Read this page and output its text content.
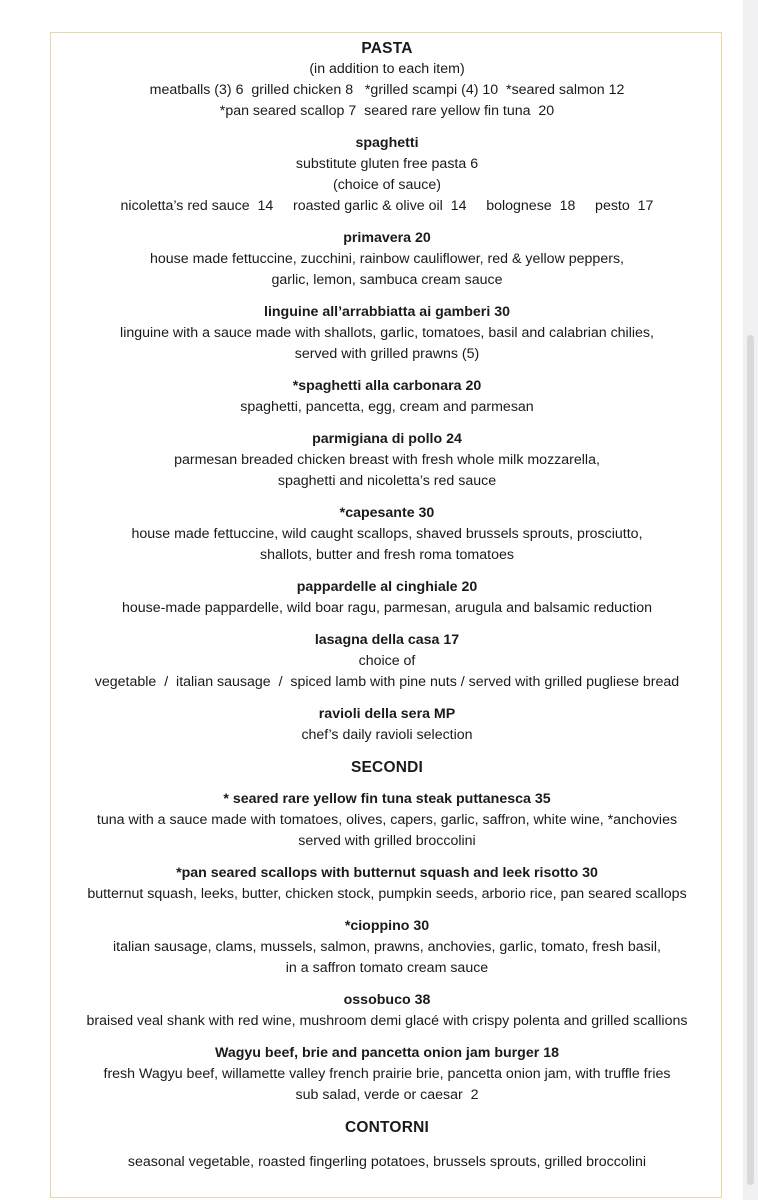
PASTA
(in addition to each item)
meatballs (3) 6  grilled chicken 8   *grilled scampi (4) 10  *seared salmon 12
*pan seared scallop 7  seared rare yellow fin tuna  20
spaghetti
substitute gluten free pasta 6
(choice of sauce)
nicoletta’s red sauce  14     roasted garlic & olive oil  14     bolognese  18     pesto  17
primavera 20
house made fettuccine, zucchini, rainbow cauliflower, red & yellow peppers,
garlic, lemon, sambuca cream sauce
linguine all’arrabbiatta ai gamberi 30
linguine with a sauce made with shallots, garlic, tomatoes, basil and calabrian chilies,
served with grilled prawns (5)
*spaghetti alla carbonara 20
spaghetti, pancetta, egg, cream and parmesan
parmigiana di pollo 24
parmesan breaded chicken breast with fresh whole milk mozzarella,
spaghetti and nicoletta’s red sauce
*capesante 30
house made fettuccine, wild caught scallops, shaved brussels sprouts, prosciutto,
shallots, butter and fresh roma tomatoes
pappardelle al cinghiale 20
house-made pappardelle, wild boar ragu, parmesan, arugula and balsamic reduction
lasagna della casa 17
choice of
vegetable  /  italian sausage  /  spiced lamb with pine nuts / served with grilled pugliese bread
ravioli della sera MP
chef’s daily ravioli selection
SECONDI
* seared rare yellow fin tuna steak puttanesca 35
tuna with a sauce made with tomatoes, olives, capers, garlic, saffron, white wine, *anchovies
served with grilled broccolini
*pan seared scallops with butternut squash and leek risotto 30
butternut squash, leeks, butter, chicken stock, pumpkin seeds, arborio rice, pan seared scallops
*cioppino 30
italian sausage, clams, mussels, salmon, prawns, anchovies, garlic, tomato, fresh basil,
in a saffron tomato cream sauce
ossobuco 38
braised veal shank with red wine, mushroom demi glacé with crispy polenta and grilled scallions
Wagyu beef, brie and pancetta onion jam burger 18
fresh Wagyu beef, willamette valley french prairie brie, pancetta onion jam, with truffle fries
sub salad, verde or caesar  2
CONTORNI
seasonal vegetable, roasted fingerling potatoes, brussels sprouts, grilled broccolini
